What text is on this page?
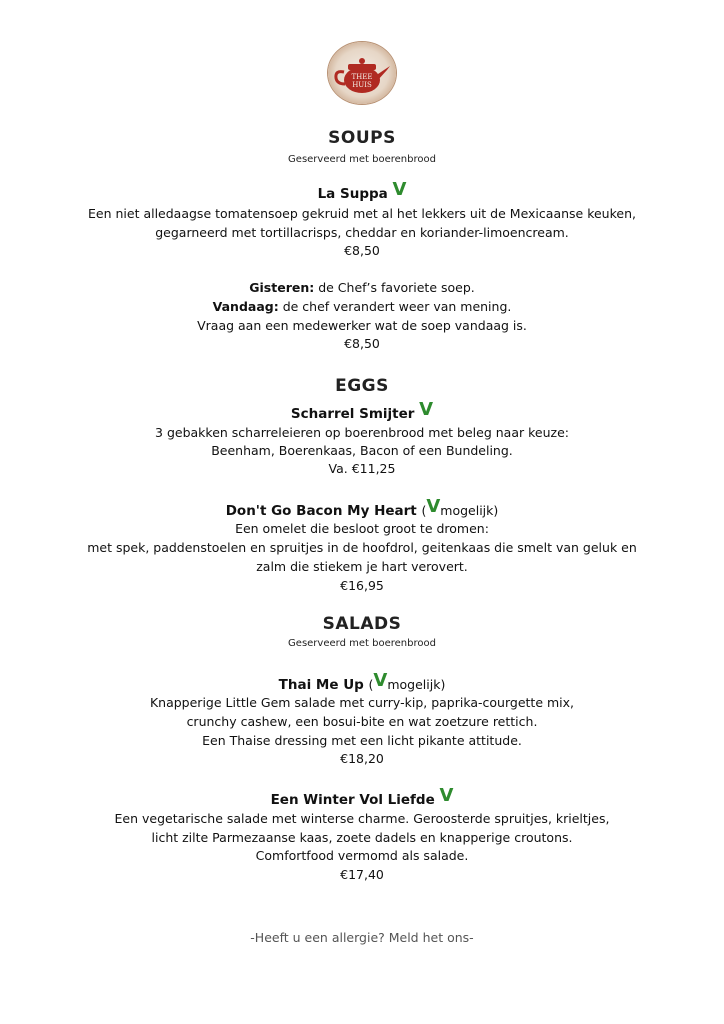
THEE
HUIS
SOUPS
Geserveerd met boerenbrood
La Suppa V
Een niet alledaagse tomatensoep gekruid met al het lekkers uit de Mexicaanse keuken,
gegarneerd met tortillacrisps, cheddar en koriander-limoencream.
€8,50
Gisteren: de Chef’s favoriete soep.
Vandaag: de chef verandert weer van mening.
Vraag aan een medewerker wat de soep vandaag is.
€8,50
EGGS
Scharrel Smijter V
3 gebakken scharreleieren op boerenbrood met beleg naar keuze:
Beenham, Boerenkaas, Bacon of een Bundeling.
Va. €11,25
Don't Go Bacon My Heart (Vmogelijk)
Een omelet die besloot groot te dromen:
met spek, paddenstoelen en spruitjes in de hoofdrol, geitenkaas die smelt van geluk en
zalm die stiekem je hart verovert.
€16,95
SALADS
Geserveerd met boerenbrood
Thai Me Up (Vmogelijk)
Knapperige Little Gem salade met curry-kip, paprika-courgette mix,
crunchy cashew, een bosui-bite en wat zoetzure rettich.
Een Thaise dressing met een licht pikante attitude.
€18,20
Een Winter Vol Liefde V
Een vegetarische salade met winterse charme. Geroosterde spruitjes, krieltjes,
licht zilte Parmezaanse kaas, zoete dadels en knapperige croutons.
Comfortfood vermomd als salade.
€17,40
-Heeft u een allergie? Meld het ons-
